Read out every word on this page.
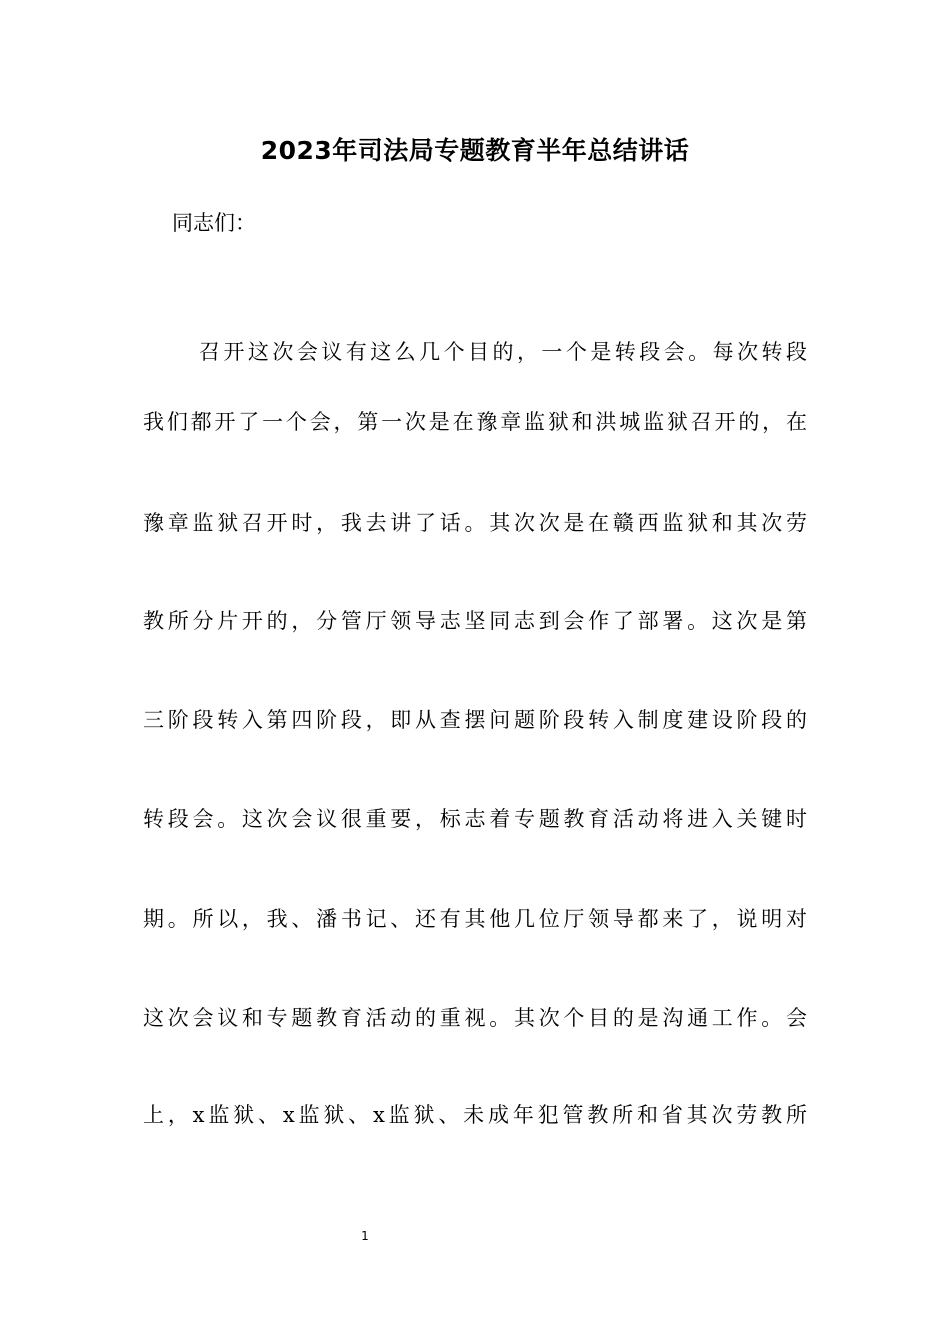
2023年司法局专题教育半年总结讲话
同志们：
召开这次会议有这么几个目的，一个是转段会。每次转段
我们都开了一个会，第一次是在豫章监狱和洪城监狱召开的，在
豫章监狱召开时，我去讲了话。其次次是在赣西监狱和其次劳
教所分片开的，分管厅领导志坚同志到会作了部署。这次是第
三阶段转入第四阶段，即从查摆问题阶段转入制度建设阶段的
转段会。这次会议很重要，标志着专题教育活动将进入关键时
期。所以，我、潘书记、还有其他几位厅领导都来了，说明对
这次会议和专题教育活动的重视。其次个目的是沟通工作。会
上，x监狱、x监狱、x监狱、未成年犯管教所和省其次劳教所
1
